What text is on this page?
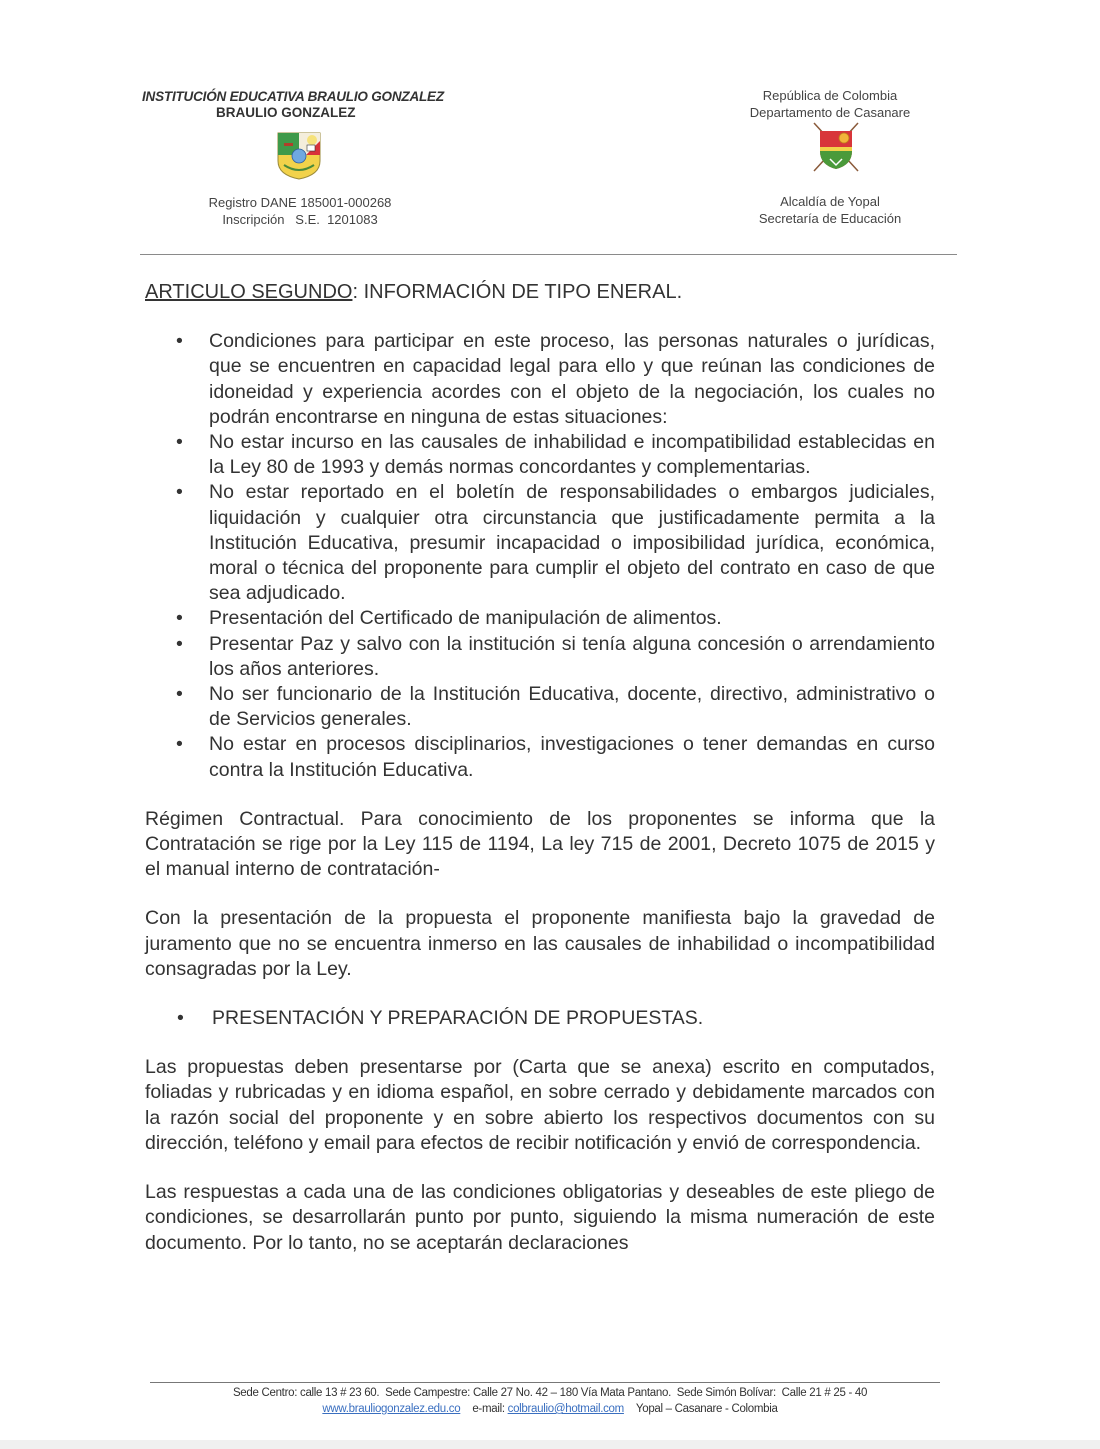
INSTITUCIÓN EDUCATIVA BRAULIO GONZALEZ
BRAULIO GONZALEZ
Registro DANE 185001-000268
Inscripción   S.E.  1201083
República de Colombia
Departamento de Casanare
Alcaldía de Yopal
Secretaría de Educación
ARTICULO SEGUNDO: INFORMACIÓN DE TIPO ENERAL.
• Condiciones para participar en este proceso, las personas naturales o jurídicas, que se encuentren en capacidad legal para ello y que reúnan las condiciones de idoneidad y experiencia acordes con el objeto de la negociación, los cuales no podrán encontrarse en ninguna de estas situaciones:
• No estar incurso en las causales de inhabilidad e incompatibilidad establecidas en la Ley 80 de 1993 y demás normas concordantes y complementarias.
• No estar reportado en el boletín de responsabilidades o embargos judiciales, liquidación y cualquier otra circunstancia que justificadamente permita a la Institución Educativa, presumir incapacidad o imposibilidad jurídica, económica, moral o técnica del proponente para cumplir el objeto del contrato en caso de que sea adjudicado.
• Presentación del Certificado de manipulación de alimentos.
• Presentar Paz y salvo con la institución si tenía alguna concesión o arrendamiento los años anteriores.
• No ser funcionario de la Institución Educativa, docente, directivo, administrativo o de Servicios generales.
• No estar en procesos disciplinarios, investigaciones o tener demandas en curso contra la Institución Educativa.

Régimen Contractual. Para conocimiento de los proponentes se informa que la Contratación se rige por la Ley 115 de 1194, La ley 715 de 2001, Decreto 1075 de 2015 y el manual interno de contratación-

Con la presentación de la propuesta el proponente manifiesta bajo la gravedad de juramento que no se encuentra inmerso en las causales de inhabilidad o incompatibilidad consagradas por la Ley.

• PRESENTACIÓN Y PREPARACIÓN DE PROPUESTAS.

Las propuestas deben presentarse por (Carta que se anexa) escrito en computados, foliadas y rubricadas y en idioma español, en sobre cerrado y debidamente marcados con la razón social del proponente y en sobre abierto los respectivos documentos con su dirección, teléfono y email para efectos de recibir notificación y envió de correspondencia.

Las respuestas a cada una de las condiciones obligatorias y deseables de este pliego de condiciones, se desarrollarán punto por punto, siguiendo la misma numeración de este documento. Por lo tanto, no se aceptarán declaraciones

Sede Centro: calle 13 # 23 60.  Sede Campestre: Calle 27 No. 42 – 180 Vía Mata Pantano.  Sede Simón Bolívar:  Calle 21 # 25 - 40
www.brauliogonzalez.edu.co e-mail: colbraulio@hotmail.com Yopal – Casanare - Colombia
